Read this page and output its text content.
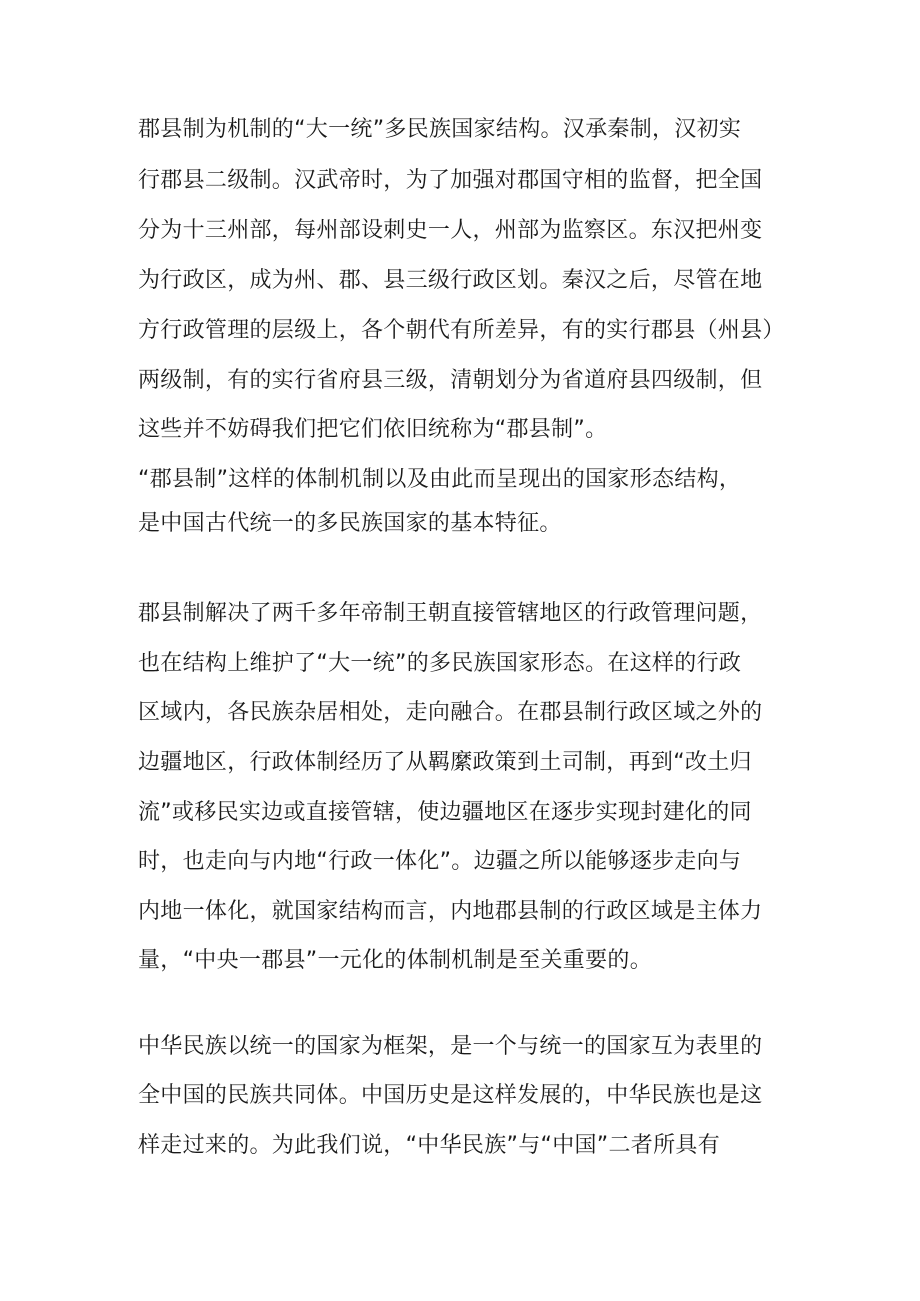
郡县制为机制的“大一统”多民族国家结构。汉承秦制，汉初实
行郡县二级制。汉武帝时，为了加强对郡国守相的监督，把全国
分为十三州部，每州部设刺史一人，州部为监察区。东汉把州变
为行政区，成为州、郡、县三级行政区划。秦汉之后，尽管在地
方行政管理的层级上，各个朝代有所差异，有的实行郡县（州县）
两级制，有的实行省府县三级，清朝划分为省道府县四级制，但
这些并不妨碍我们把它们依旧统称为“郡县制”。
“郡县制”这样的体制机制以及由此而呈现出的国家形态结构，
是中国古代统一的多民族国家的基本特征。
郡县制解决了两千多年帝制王朝直接管辖地区的行政管理问题，
也在结构上维护了“大一统”的多民族国家形态。在这样的行政
区域内，各民族杂居相处，走向融合。在郡县制行政区域之外的
边疆地区，行政体制经历了从羁縻政策到土司制，再到“改土归
流”或移民实边或直接管辖，使边疆地区在逐步实现封建化的同
时，也走向与内地“行政一体化”。边疆之所以能够逐步走向与
内地一体化，就国家结构而言，内地郡县制的行政区域是主体力
量，“中央一郡县”一元化的体制机制是至关重要的。
中华民族以统一的国家为框架，是一个与统一的国家互为表里的
全中国的民族共同体。中国历史是这样发展的，中华民族也是这
样走过来的。为此我们说，“中华民族”与“中国”二者所具有
